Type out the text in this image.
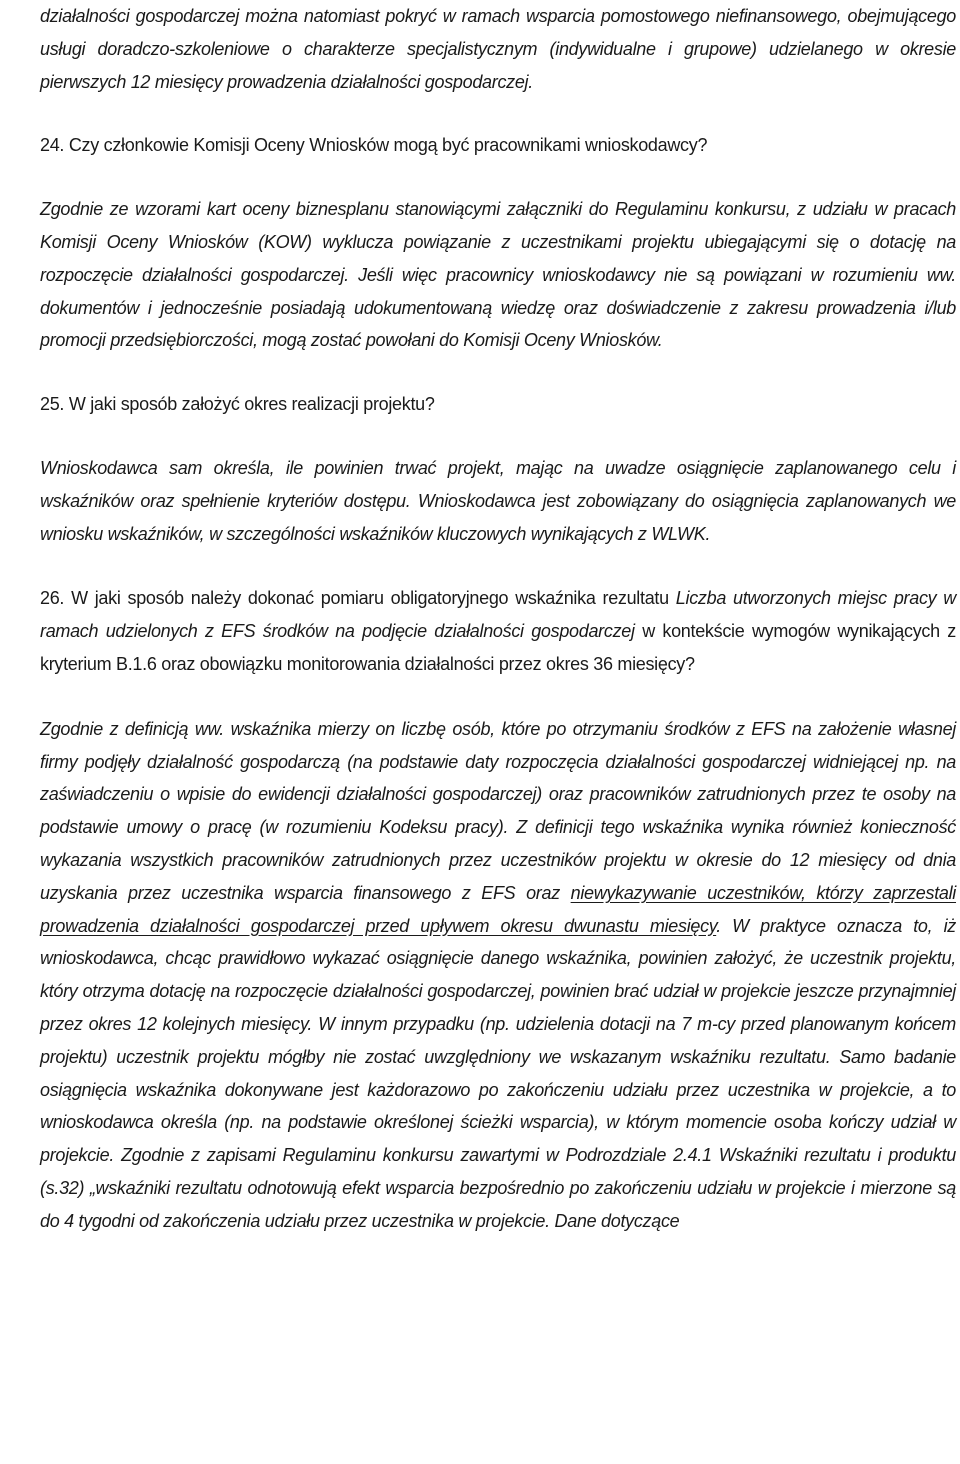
działalności gospodarczej można natomiast pokryć w ramach wsparcia pomostowego niefinansowego, obejmującego usługi doradczo-szkoleniowe o charakterze specjalistycznym (indywidualne i grupowe) udzielanego w okresie pierwszych 12 miesięcy prowadzenia działalności gospodarczej.

24. Czy członkowie Komisji Oceny Wniosków mogą być pracownikami wnioskodawcy?

Zgodnie ze wzorami kart oceny biznesplanu stanowiącymi załączniki do Regulaminu konkursu, z udziału w pracach Komisji Oceny Wniosków (KOW) wyklucza powiązanie z uczestnikami projektu ubiegającymi się o dotację na rozpoczęcie działalności gospodarczej. Jeśli więc pracownicy wnioskodawcy nie są powiązani w rozumieniu ww. dokumentów i jednocześnie posiadają udokumentowaną wiedzę oraz doświadczenie z zakresu prowadzenia i/lub promocji przedsiębiorczości, mogą zostać powołani do Komisji Oceny Wniosków.

25. W jaki sposób założyć okres realizacji projektu?

Wnioskodawca sam określa, ile powinien trwać projekt, mając na uwadze osiągnięcie zaplanowanego celu i wskaźników oraz spełnienie kryteriów dostępu. Wnioskodawca jest zobowiązany do osiągnięcia zaplanowanych we wniosku wskaźników, w szczególności wskaźników kluczowych wynikających z WLWK.

26. W jaki sposób należy dokonać pomiaru obligatoryjnego wskaźnika rezultatu Liczba utworzonych miejsc pracy w ramach udzielonych z EFS środków na podjęcie działalności gospodarczej w kontekście wymogów wynikających z kryterium B.1.6 oraz obowiązku monitorowania działalności przez okres 36 miesięcy?

Zgodnie z definicją ww. wskaźnika mierzy on liczbę osób, które po otrzymaniu środków z EFS na założenie własnej firmy podjęły działalność gospodarczą (na podstawie daty rozpoczęcia działalności gospodarczej widniejącej np. na zaświadczeniu o wpisie do ewidencji działalności gospodarczej) oraz pracowników zatrudnionych przez te osoby na podstawie umowy o pracę (w rozumieniu Kodeksu pracy). Z definicji tego wskaźnika wynika również konieczność wykazania wszystkich pracowników zatrudnionych przez uczestników projektu w okresie do 12 miesięcy od dnia uzyskania przez uczestnika wsparcia finansowego z EFS oraz niewykazywanie uczestników, którzy zaprzestali prowadzenia działalności gospodarczej przed upływem okresu dwunastu miesięcy. W praktyce oznacza to, iż wnioskodawca, chcąc prawidłowo wykazać osiągnięcie danego wskaźnika, powinien założyć, że uczestnik projektu, który otrzyma dotację na rozpoczęcie działalności gospodarczej, powinien brać udział w projekcie jeszcze przynajmniej przez okres 12 kolejnych miesięcy. W innym przypadku (np. udzielenia dotacji na 7 m-cy przed planowanym końcem projektu) uczestnik projektu mógłby nie zostać uwzględniony we wskazanym wskaźniku rezultatu. Samo badanie osiągnięcia wskaźnika dokonywane jest każdorazowo po zakończeniu udziału przez uczestnika w projekcie, a to wnioskodawca określa (np. na podstawie określonej ścieżki wsparcia), w którym momencie osoba kończy udział w projekcie. Zgodnie z zapisami Regulaminu konkursu zawartymi w Podrozdziale 2.4.1 Wskaźniki rezultatu i produktu (s.32) „wskaźniki rezultatu odnotowują efekt wsparcia bezpośrednio po zakończeniu udziału w projekcie i mierzone są do 4 tygodni od zakończenia udziału przez uczestnika w projekcie. Dane dotyczące
